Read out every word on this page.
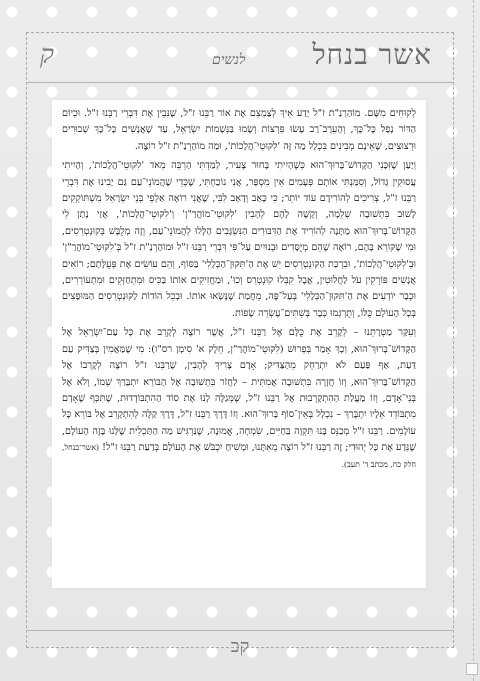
אשר בנחל
לנשים
ק

לְקוּחִים מִשָּׁם. מוֹהַרְנַ"ת ז"ל יָדַע אֵיךְ לְצַמְצֵם אֶת אוֹר רַבֵּנוּ ז"ל, שֶׁנִּבְין אֶת דִּבְרֵי רַבֵּנוּ ז"ל. וּכְיוֹם הַדּוֹר נָפַל כָּל־כָּךְ, וְהָעֵרֶב־רַב עָשׂוּ פִּרְצוֹת וְשָׂמוּ בַּנְּשָׁמוֹת יִשְׂרָאֵל, עַד שֶׁאֲנָשִׁים כָּל־כָּךְ שְׁבוּרִים וּרְצוּצִים, שֶׁאֵינָם מְבִינִים בִּכְלָל מַה זֶּה 'לִקּוּטֵי־הֲלָכוֹת', וּמַה מוֹהַרְנַ"ת ז"ל רוֹצֶה.

וְיַעַן שֶׁזִּכָּנִי הַקָּדוֹשׁ־בָּרוּךְ־הוּא כְּשֶׁהָיִיתִי בָּחוּר צָעִיר, לְמַדְתִּי הַרְבֵּה מְאֹד 'לִקּוּטֵי־הֲלָכוֹת', וְהָיִיתִי עֲסוּקִין גָּדוֹל, וְסִמַּנְתִּי אוֹתָם פְּעָמִים אֵין מִסְפָּר, אֲנִי נוֹכַחְתִּי, שֶׁכְּדֵי שֶׁהֲמוֹנֵי־עַם גַּם יָבִינוּ אֶת דִּבְרֵי רַבֵּנוּ ז"ל, צְרִיכִים לְהוֹרִידָם עוֹד יוֹתֵר; כִּי כָּאַב וְדָאַב לִבִּי, שֶׁאֲנִי רוֹאֶה אַלְפֵי בְּנֵי יִשְׂרָאֵל מִשְׁתּוֹקְקִים לָשׁוּב בִּתְשׁוּבָה שְׁלֵמָה, וְקָשֶׁה לָהֶם לְהָבִין 'לִקּוּטֵי־מוֹהֲרַ"ן' וְ'לִקּוּטֵי־הֲלָכוֹת', אֲזַי נָתַן לִי הַקָּדוֹשׁ־בָּרוּךְ־הוּא מַתָּנָה לְהוֹרִיד אֶת הַדִּבּוּרִים הַנִּשְׂגָּבִים הַלָּלוּ לְהֲמוֹנֵי־עַם, וְזֶה מְלֻבָּשׁ בְּקוּנְטְרֵסִים, וּמִי שֶׁקּוֹרֵא בָּהֶם, רוֹאֶה שֶׁהֵם מְיֻסָּדִים וּבְנוּיִים עַל־פִּי דִּבְרֵי רַבֵּנוּ ז"ל וּמוֹהַרְנַ"ת ז"ל בְּ'לִקּוּטֵי־מוֹהֲרַ"ן' וּבְ'לִקּוּטֵי־הֲלָכוֹת', וּבִרְכַּת הַקּוּנְטְרֵסִים יֵשׁ אֶת הַ'תִּקּוּן־הַכְּלָלִי' בַּסּוֹף, וְהֵם עוֹשִׂים אֶת פְּעֻלָּתָם; רוֹאִים אֲנָשִׁים פּוֹרְקִין עֹל לַחֲלוּטִין, אֲבָל קִבְּלוּ קוּנְטְרֵס וְכוּ', וּמַחֲזִיקִים אוֹתוֹ בַּכִּיס וּמִתְחַזְּקִים וּמִתְעוֹרְרִים, וּכְבָר יוֹדְעִים אֶת הַ'תִּקּוּן־הַכְּלָלִי' בְּעַל־פֶּה, מֵחֲמַת שֶׁנָּשְׂאוּ אוֹתוֹ. וּבְכֵל הוֹדוֹת לַקּוּנְטְרֵסִים הַמּוּפָצִים בְּכָל הָעוֹלָם כֻּלּוֹ, וְתֻרְגְּמוּ כְּבָר בְּשִׁתִּים־עֶשְׂרֵה שָׂפוֹת.

וְעִקַּר מַטְרָתֵנוּ – לְקָרֵב אֶת כֻּלָּם אֶל רַבֵּנוּ ז"ל, אֲשֶׁר רוֹצֶה לְקָרֵב אֶת כָּל עַם־יִשְׂרָאֵל אֶל הַקָּדוֹשׁ־בָּרוּךְ־הוּא, וְכָךְ אָמַר בְּפֵרוּשׁ (לִקּוּטֵי־מוֹהֲרַ"ן, חֵלֶק א' סִימָן רס"ו): מִי שֶׁמַּאֲמִין בְּצַדִּיק עַם דַּעַת, אַף פַּעַם לֹא יִתְרַחֵק מֵהַצַּדִּיק; אָדָם צָרִיךְ לְהָבִין, שֶׁרַבֵּנוּ ז"ל רוֹצֶה לְקָרְבוֹ אֶל הַקָּדוֹשׁ־בָּרוּךְ־הוּא, וְזוֹ חֲזָרָה בִּתְשׁוּבָה אֲמִתִּית – לַחֲזֹר בִּתְשׁוּבָה אֶל הַבּוֹרֵא יִתְבָּרַךְ שְׁמוֹ, וְלֹא אֶל בְּנֵי־אָדָם, וְזוֹ מַעֲלַת הַהִתְקָרְבוּת אֶל רַבֵּנוּ ז"ל, שֶׁמְּגַלֶּה לָנוּ אֶת סוֹד הַהִתְבּוֹדְדוּת, שֶׁתִּכְּף שֶׁאָדָם מִתְבּוֹדֵד אֵלָיו יִתְבָּרַךְ – נִכְלָל בְּאֵין־סוֹף בָּרוּךְ־הוּא. וְזוֹ דֶּרֶךְ רַבֵּנוּ ז"ל, דֶּרֶךְ קַלָּה לְהִתְקָרֵב אֶל בּוֹרֵא כָּל עוֹלָמִים. רַבֵּנוּ ז"ל מְכַנֵּס בָּנוּ תִּקְוָה בַּחַיִּים, שִׂמְחָה, אֱמוּנָה, שֶׁנַּרְגִּישׁ מַה הַתַּכְלִית שֶׁלָּנוּ בָּזֶה הָעוֹלָם, שֶׁנֵּדַע אֶת כָּל יְהוּדִי; זֶה רַבֵּנוּ ז"ל רוֹצֶה מֵאִתָּנוּ, וּמָשִׁיחַ יִכְבֹּשׁ אֶת הָעוֹלָם בְּדַעַת רַבֵּנוּ ז"ל! (אשר־בנחל, חלק כח, מכתב ד' תעב).

קכ
